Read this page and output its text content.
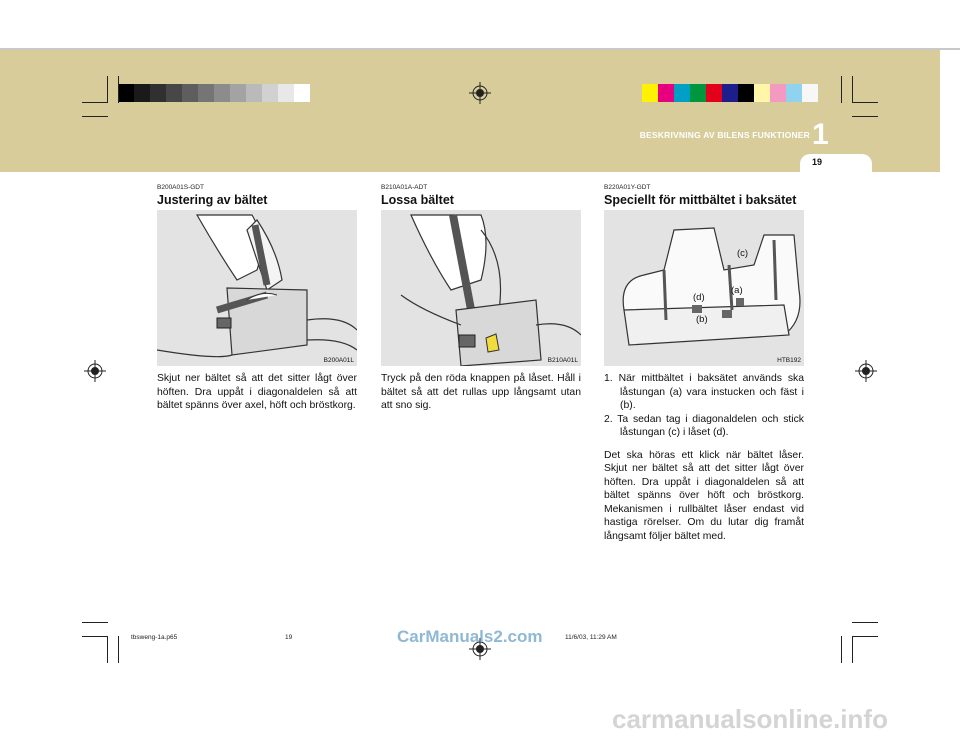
BESKRIVNING AV BILENS FUNKTIONER 1
19
B200A01S-GDT
Justering av bältet
B200A01L
Skjut ner bältet så att det sitter lågt över höften. Dra uppåt i diagonaldelen så att bältet spänns över axel, höft och bröstkorg.
B210A01A-ADT
Lossa bältet
B210A01L
Tryck på den röda knappen på låset. Håll i bältet så att det rullas upp långsamt utan att sno sig.
B220A01Y-GDT
Speciellt för mittbältet i baksätet
(c)
(a)
(d)
(b)
HTB192
1. När mittbältet i baksätet används ska låstungan (a) vara instucken och fäst i (b).
2. Ta sedan tag i diagonaldelen och stick låstungan (c) i låset (d).
Det ska höras ett klick när bältet låser. Skjut ner bältet så att det sitter lågt över höften. Dra uppåt i diagonaldelen så att bältet spänns över höft och bröstkorg. Mekanismen i rullbältet låser endast vid hastiga rörelser. Om du lutar dig framåt långsamt följer bältet med.
tbsweng-1a.p65	19	11/6/03, 11:29 AM
CarManuals2.com
carmanualsonline.info
